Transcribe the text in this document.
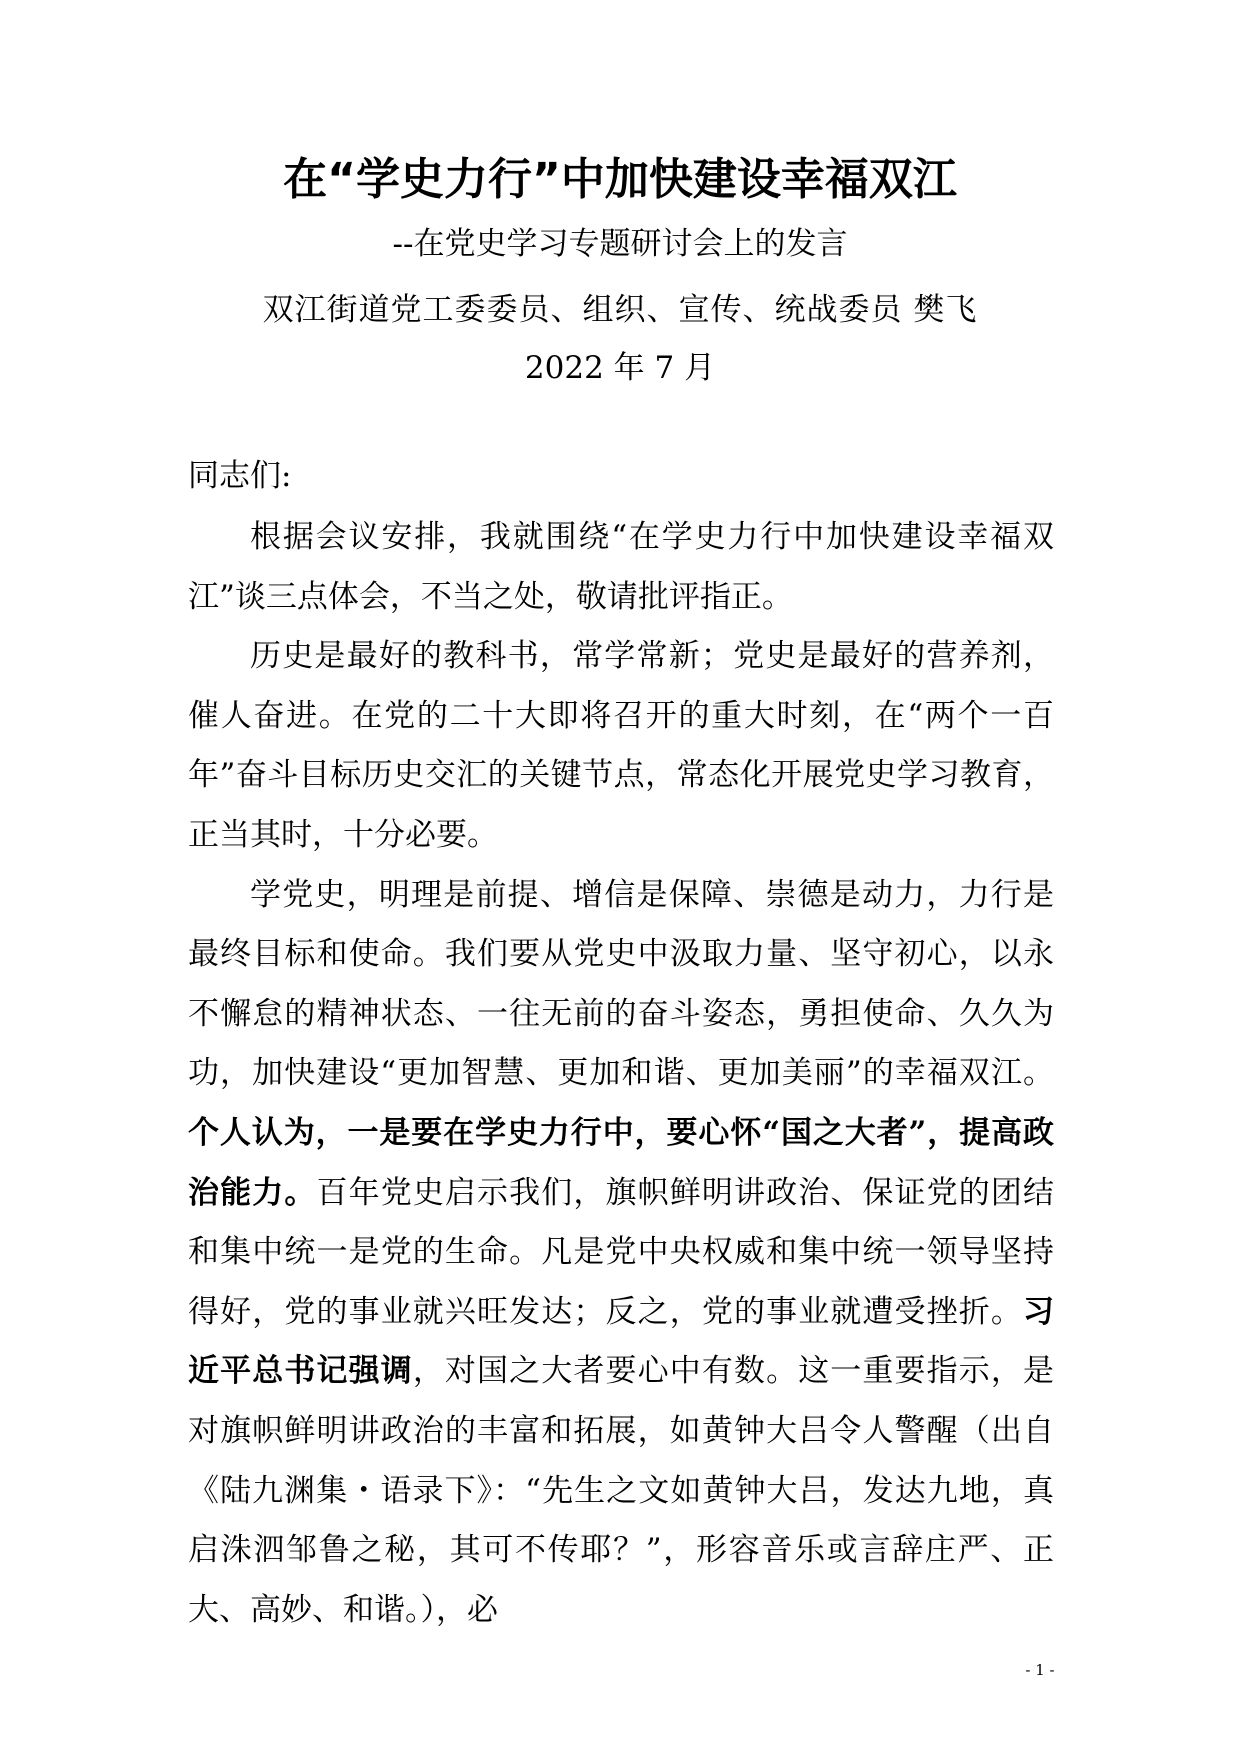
在“学史力行”中加快建设幸福双江
--在党史学习专题研讨会上的发言
双江街道党工委委员、组织、宣传、统战委员 樊飞
2022 年 7 月
同志们:

根据会议安排，我就围绕“在学史力行中加快建设幸福双江”谈三点体会，不当之处，敬请批评指正。

历史是最好的教科书，常学常新；党史是最好的营养剂，催人奋进。在党的二十大即将召开的重大时刻，在“两个一百年”奋斗目标历史交汇的关键节点，常态化开展党史学习教育，正当其时，十分必要。

学党史，明理是前提、增信是保障、崇德是动力，力行是最终目标和使命。我们要从党史中汲取力量、坚守初心，以永不懈怠的精神状态、一往无前的奋斗姿态，勇担使命、久久为功，加快建设“更加智慧、更加和谐、更加美丽”的幸福双江。个人认为，一是要在学史力行中，要心怀“国之大者”，提高政治能力。百年党史启示我们，旗帜鲜明讲政治、保证党的团结和集中统一是党的生命。凡是党中央权威和集中统一领导坚持得好，党的事业就兴旺发达；反之，党的事业就遭受挫折。习近平总书记强调，对国之大者要心中有数。这一重要指示，是对旗帜鲜明讲政治的丰富和拓展，如黄钟大吕令人警醒（出自《陆九渊集・语录下》：“先生之文如黄钟大吕，发达九地，真启洙泗邹鲁之秘，其可不传耶？”，形容音乐或言辞庄严、正大、高妙、和谐。），必

- 1 -
